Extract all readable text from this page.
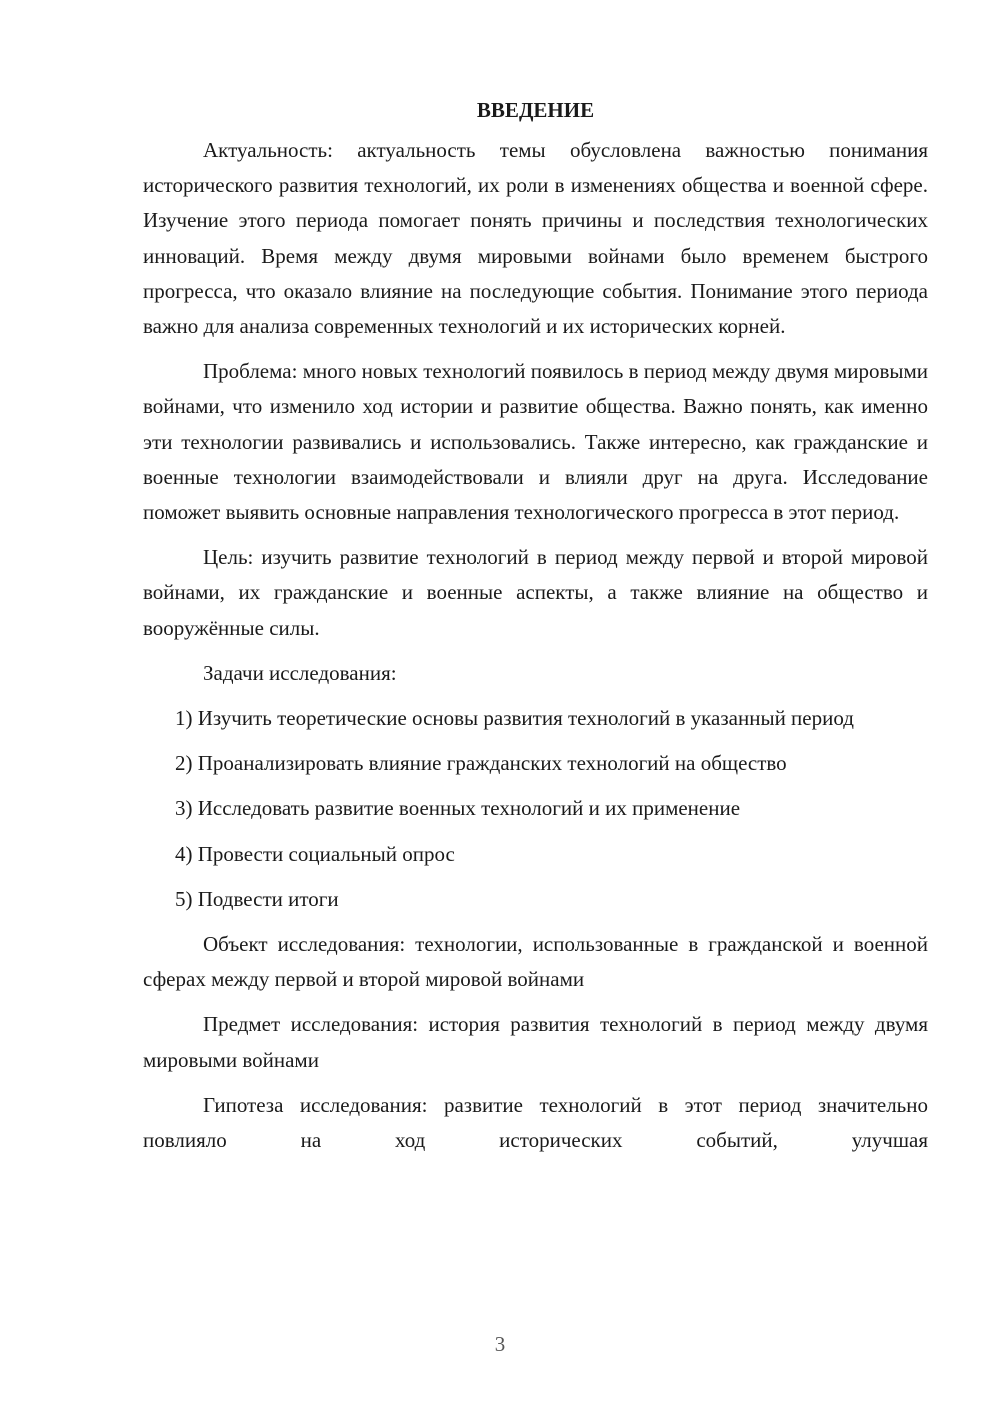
ВВЕДЕНИЕ

Актуальность: актуальность темы обусловлена важностью понимания исторического развития технологий, их роли в изменениях общества и военной сфере. Изучение этого периода помогает понять причины и последствия технологических инноваций. Время между двумя мировыми войнами было временем быстрого прогресса, что оказало влияние на последующие события. Понимание этого периода важно для анализа современных технологий и их исторических корней.

Проблема: много новых технологий появилось в период между двумя мировыми войнами, что изменило ход истории и развитие общества. Важно понять, как именно эти технологии развивались и использовались. Также интересно, как гражданские и военные технологии взаимодействовали и влияли друг на друга. Исследование поможет выявить основные направления технологического прогресса в этот период.

Цель: изучить развитие технологий в период между первой и второй мировой войнами, их гражданские и военные аспекты, а также влияние на общество и вооружённые силы.

Задачи исследования:

1) Изучить теоретические основы развития технологий в указанный период

2) Проанализировать влияние гражданских технологий на общество

3) Исследовать развитие военных технологий и их применение

4) Провести социальный опрос

5) Подвести итоги

Объект исследования: технологии, использованные в гражданской и военной сферах между первой и второй мировой войнами

Предмет исследования: история развития технологий в период между двумя мировыми войнами

Гипотеза исследования: развитие технологий в этот период значительно повлияло на ход исторических событий, улучшая

3
